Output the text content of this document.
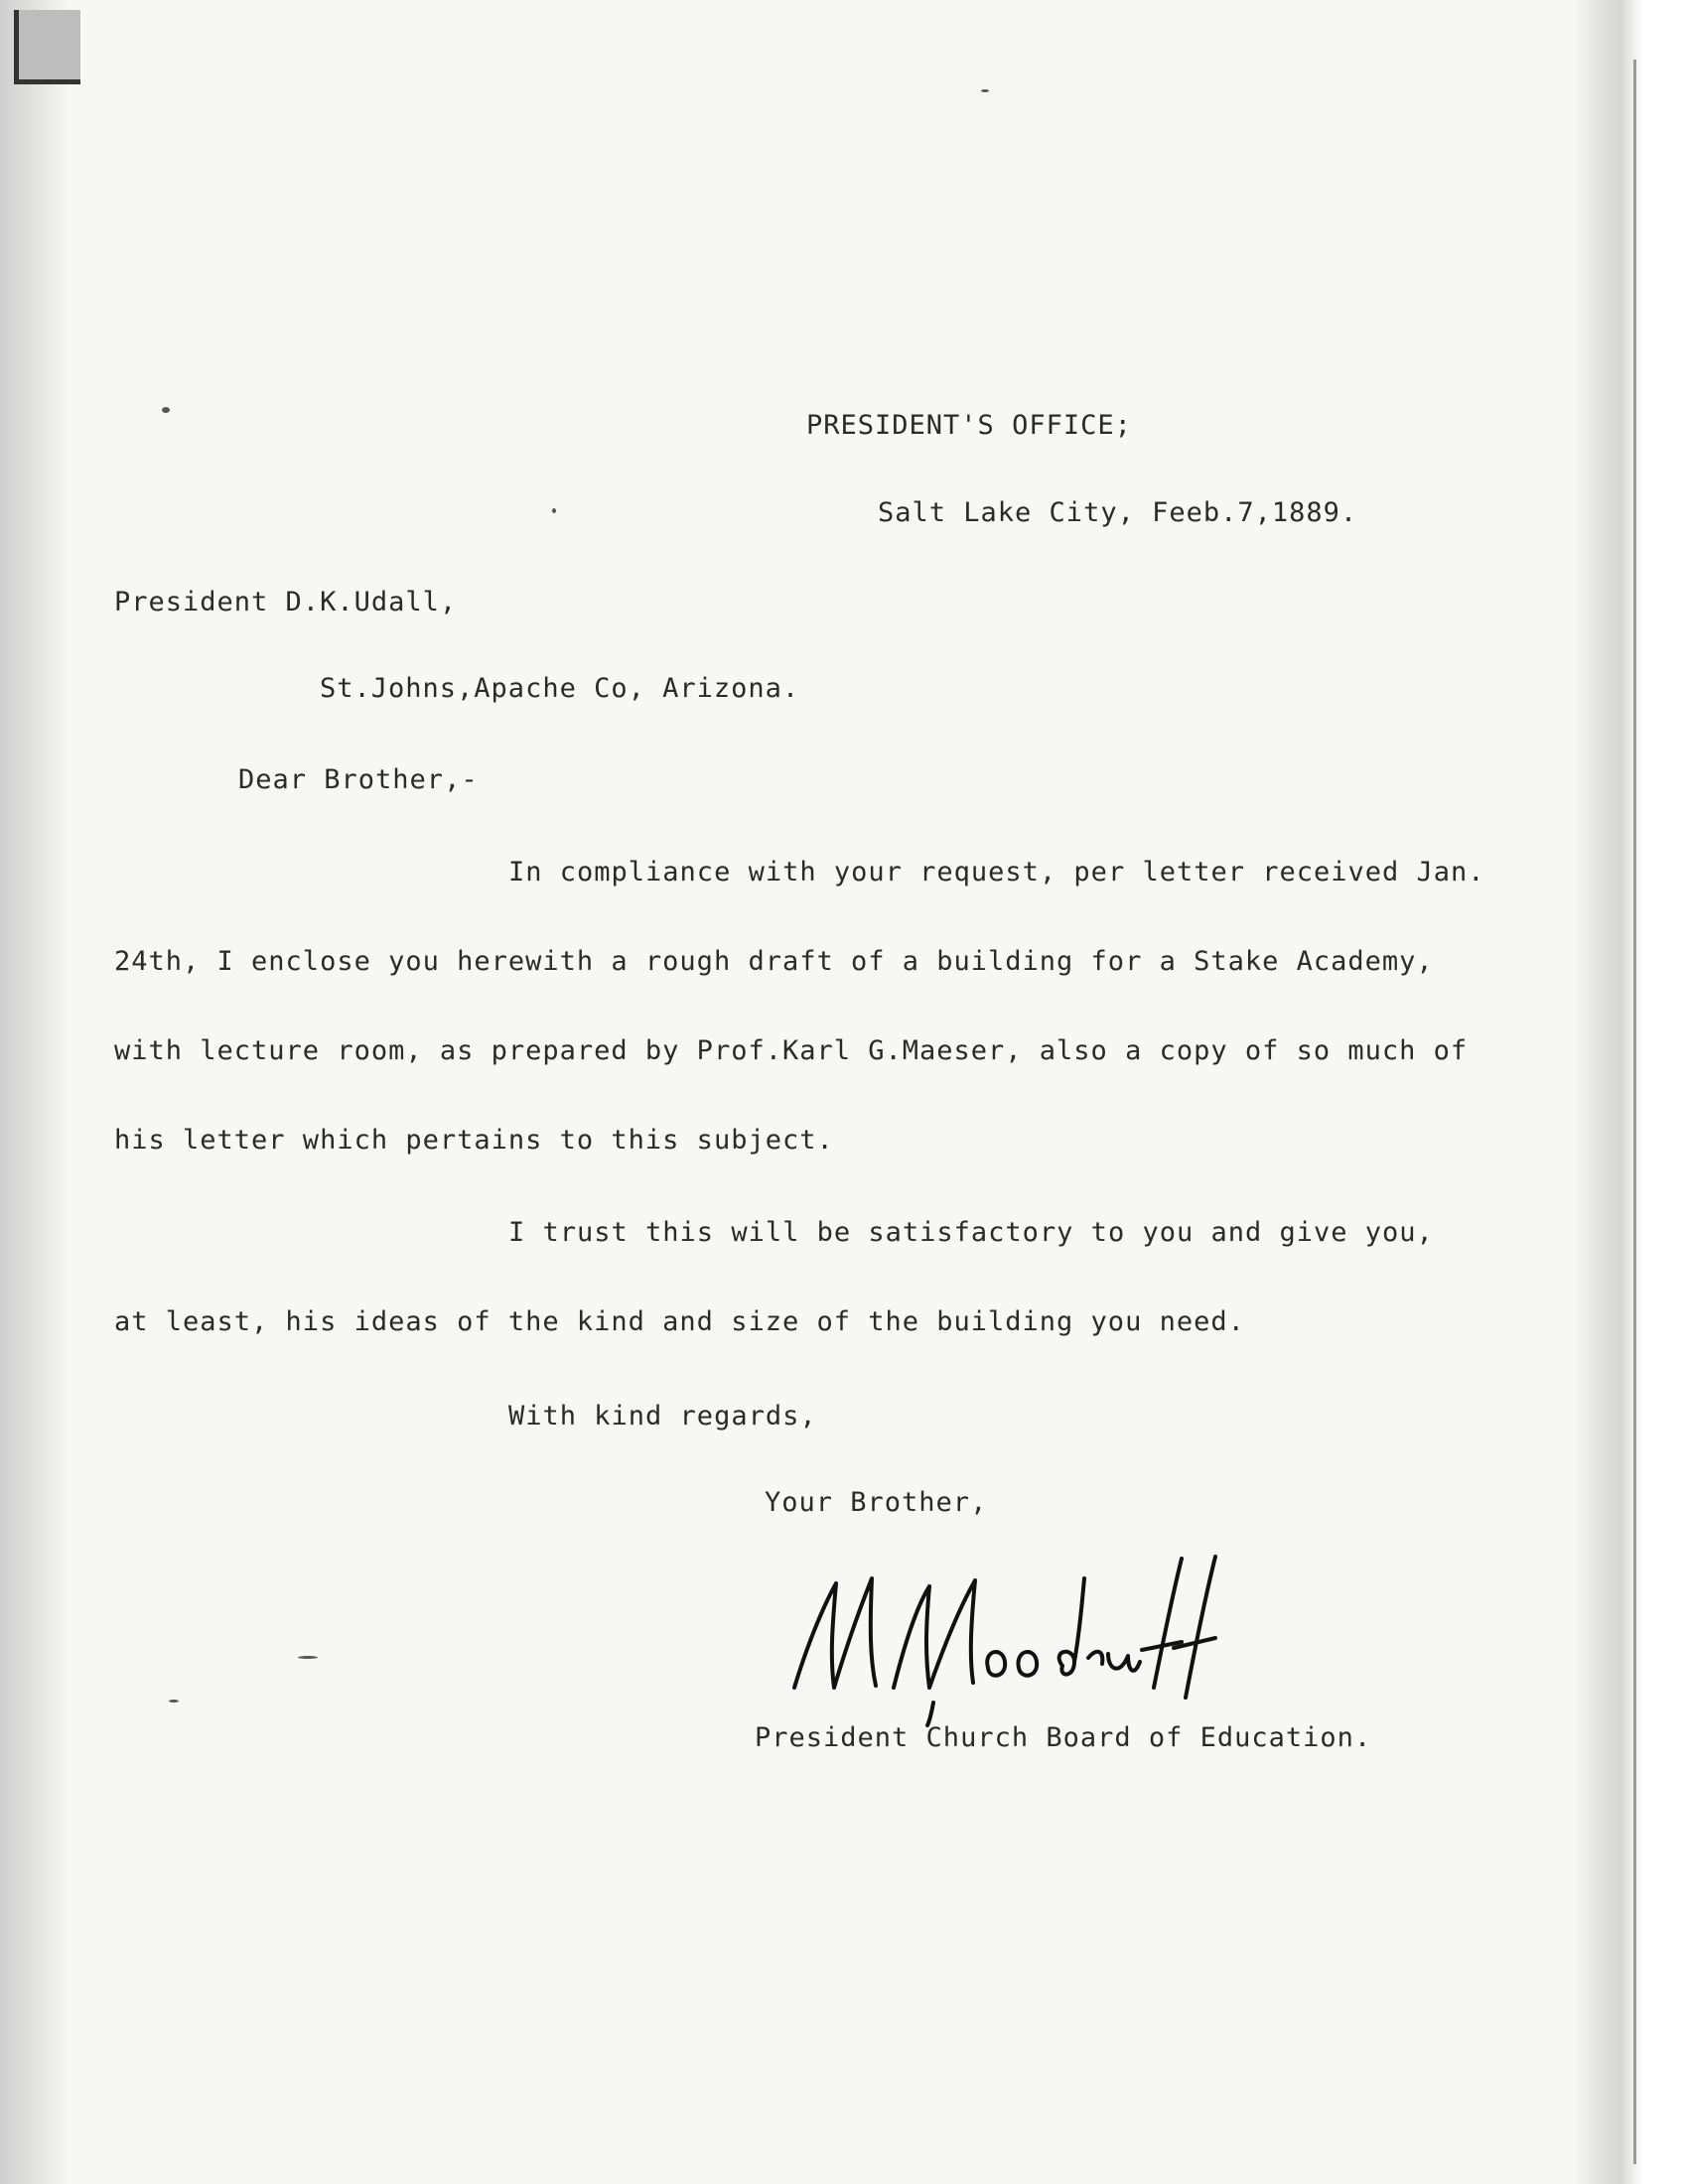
PRESIDENT'S OFFICE;
Salt Lake City, Feeb.7,1889.
President D.K.Udall,
St.Johns,Apache Co, Arizona.
Dear Brother,-
In compliance with your request, per letter received Jan.
24th, I enclose you herewith a rough draft of a building for a Stake Academy,
with lecture room, as prepared by Prof.Karl G.Maeser, also a copy of so much of
his letter which pertains to this subject.
I trust this will be satisfactory to you and give you,
at least, his ideas of the kind and size of the building you need.
With kind regards,
Your Brother,
President Church Board of Education.
